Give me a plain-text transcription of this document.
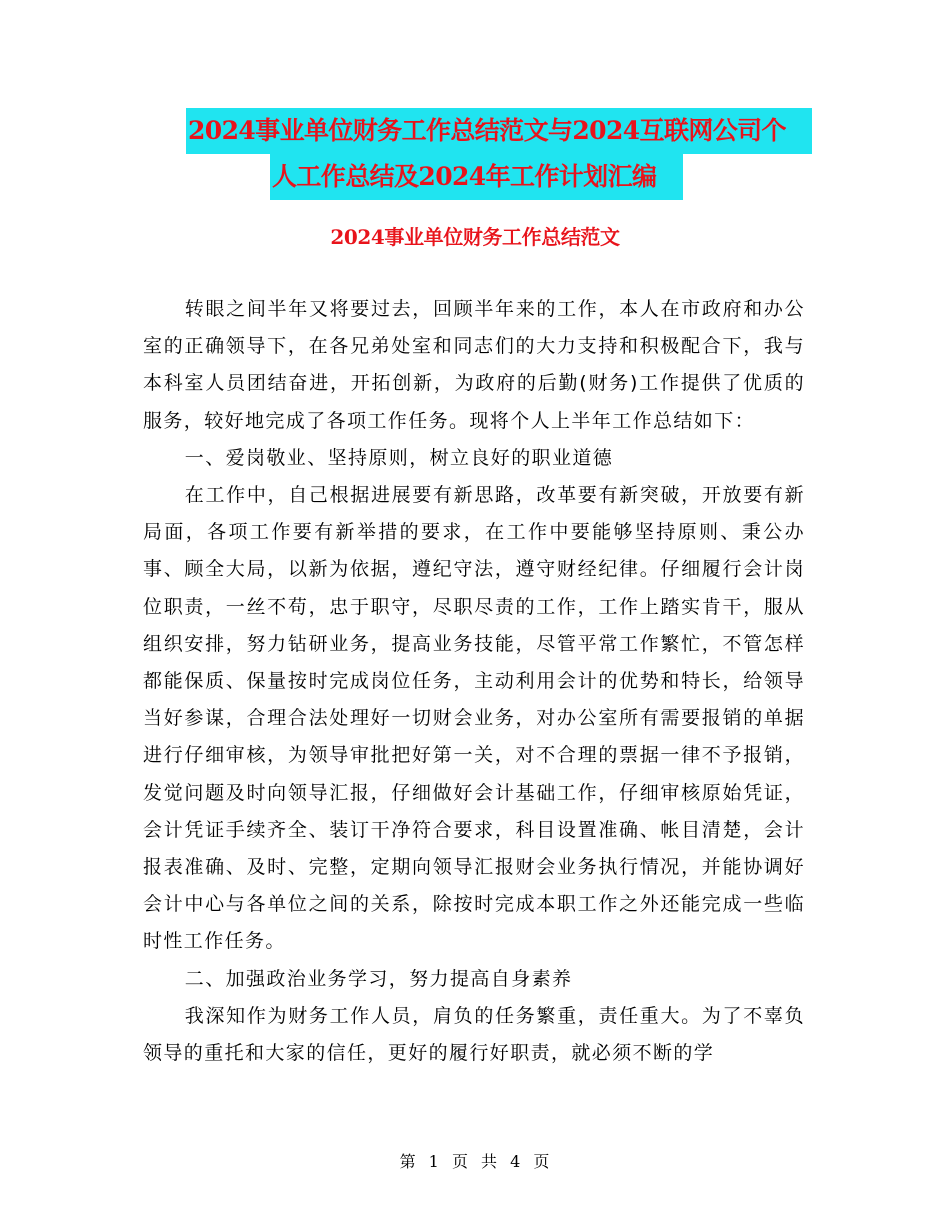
2024事业单位财务工作总结范文与2024互联网公司个
人工作总结及2024年工作计划汇编
2024事业单位财务工作总结范文

转眼之间半年又将要过去，回顾半年来的工作，本人在市政府和办公室的正确领导下，在各兄弟处室和同志们的大力支持和积极配合下，我与本科室人员团结奋进，开拓创新，为政府的后勤(财务)工作提供了优质的服务，较好地完成了各项工作任务。现将个人上半年工作总结如下：

一、爱岗敬业、坚持原则，树立良好的职业道德

在工作中，自己根据进展要有新思路，改革要有新突破，开放要有新局面，各项工作要有新举措的要求，在工作中要能够坚持原则、秉公办事、顾全大局，以新为依据，遵纪守法，遵守财经纪律。仔细履行会计岗位职责，一丝不苟，忠于职守，尽职尽责的工作，工作上踏实肯干，服从组织安排，努力钻研业务，提高业务技能，尽管平常工作繁忙，不管怎样都能保质、保量按时完成岗位任务，主动利用会计的优势和特长，给领导当好参谋，合理合法处理好一切财会业务，对办公室所有需要报销的单据进行仔细审核，为领导审批把好第一关，对不合理的票据一律不予报销，发觉问题及时向领导汇报，仔细做好会计基础工作，仔细审核原始凭证，会计凭证手续齐全、装订干净符合要求，科目设置准确、帐目清楚，会计报表准确、及时、完整，定期向领导汇报财会业务执行情况，并能协调好会计中心与各单位之间的关系，除按时完成本职工作之外还能完成一些临时性工作任务。

二、加强政治业务学习，努力提高自身素养

我深知作为财务工作人员，肩负的任务繁重，责任重大。为了不辜负领导的重托和大家的信任，更好的履行好职责，就必须不断的学

第 1 页 共 4 页
